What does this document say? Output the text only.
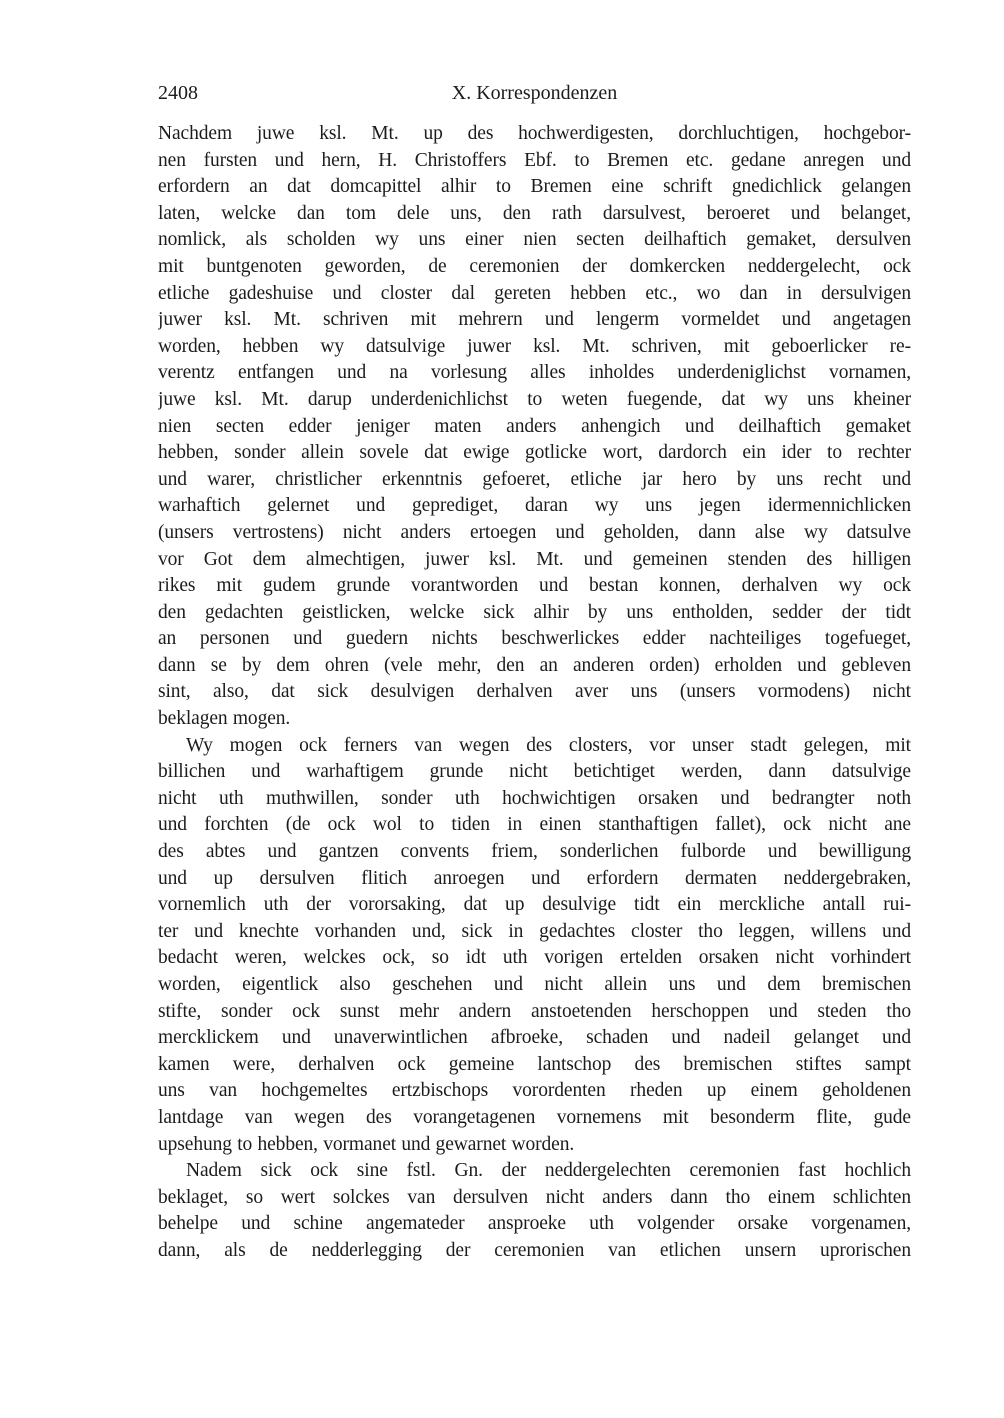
2408	X. Korrespondenzen
Nachdem juwe ksl. Mt. up des hochwerdigesten, dorchluchtigen, hochgebor-
nen fursten und hern, H. Christoffers Ebf. to Bremen etc. gedane anregen und
erfordern an dat domcapittel alhir to Bremen eine schrift gnedichlick gelangen
laten, welcke dan tom dele uns, den rath darsulvest, beroeret und belanget,
nomlick, als scholden wy uns einer nien secten deilhaftich gemaket, dersulven
mit buntgenoten geworden, de ceremonien der domkercken neddergelecht, ock
etliche gadeshuise und closter dal gereten hebben etc., wo dan in dersulvigen
juwer ksl. Mt. schriven mit mehrern und lengerm vormeldet und angetagen
worden, hebben wy datsulvige juwer ksl. Mt. schriven, mit geboerlicker re-
verentz entfangen und na vorlesung alles inholdes underdeniglichst vornamen,
juwe ksl. Mt. darup underdenichlichst to weten fuegende, dat wy uns kheiner
nien secten edder jeniger maten anders anhengich und deilhaftich gemaket
hebben, sonder allein sovele dat ewige gotlicke wort, dardorch ein ider to rechter
und warer, christlicher erkenntnis gefoeret, etliche jar hero by uns recht und
warhaftich gelernet und geprediget, daran wy uns jegen idermennichlicken
(unsers vertrostens) nicht anders ertoegen und geholden, dann alse wy datsulve
vor Got dem almechtigen, juwer ksl. Mt. und gemeinen stenden des hilligen
rikes mit gudem grunde vorantworden und bestan konnen, derhalven wy ock
den gedachten geistlicken, welcke sick alhir by uns entholden, sedder der tidt
an personen und guedern nichts beschwerlickes edder nachteiliges togefueget,
dann se by dem ohren (vele mehr, den an anderen orden) erholden und gebleven
sint, also, dat sick desulvigen derhalven aver uns (unsers vormodens) nicht
beklagen mogen.
Wy mogen ock ferners van wegen des closters, vor unser stadt gelegen, mit
billichen und warhaftigem grunde nicht betichtiget werden, dann datsulvige
nicht uth muthwillen, sonder uth hochwichtigen orsaken und bedrangter noth
und forchten (de ock wol to tiden in einen stanthaftigen fallet), ock nicht ane
des abtes und gantzen convents friem, sonderlichen fulborde und bewilligung
und up dersulven flitich anroegen und erfordern dermaten neddergebraken,
vornemlich uth der vororsaking, dat up desulvige tidt ein merckliche antall rui-
ter und knechte vorhanden und, sick in gedachtes closter tho leggen, willens und
bedacht weren, welckes ock, so idt uth vorigen ertelden orsaken nicht vorhindert
worden, eigentlick also geschehen und nicht allein uns und dem bremischen
stifte, sonder ock sunst mehr andern anstoetenden herschoppen und steden tho
mercklickem und unaverwintlichen afbroeke, schaden und nadeil gelanget und
kamen were, derhalven ock gemeine lantschop des bremischen stiftes sampt
uns van hochgemeltes ertzbischops vorordenten rheden up einem geholdenen
lantdage van wegen des vorangetagenen vornemens mit besonderm flite, gude
upsehung to hebben, vormanet und gewarnet worden.
Nadem sick ock sine fstl. Gn. der neddergelechten ceremonien fast hochlich
beklaget, so wert solckes van dersulven nicht anders dann tho einem schlichten
behelpe und schine angemateder ansproeke uth volgender orsake vorgenamen,
dann, als de nedderlegging der ceremonien van etlichen unsern uprorischen
